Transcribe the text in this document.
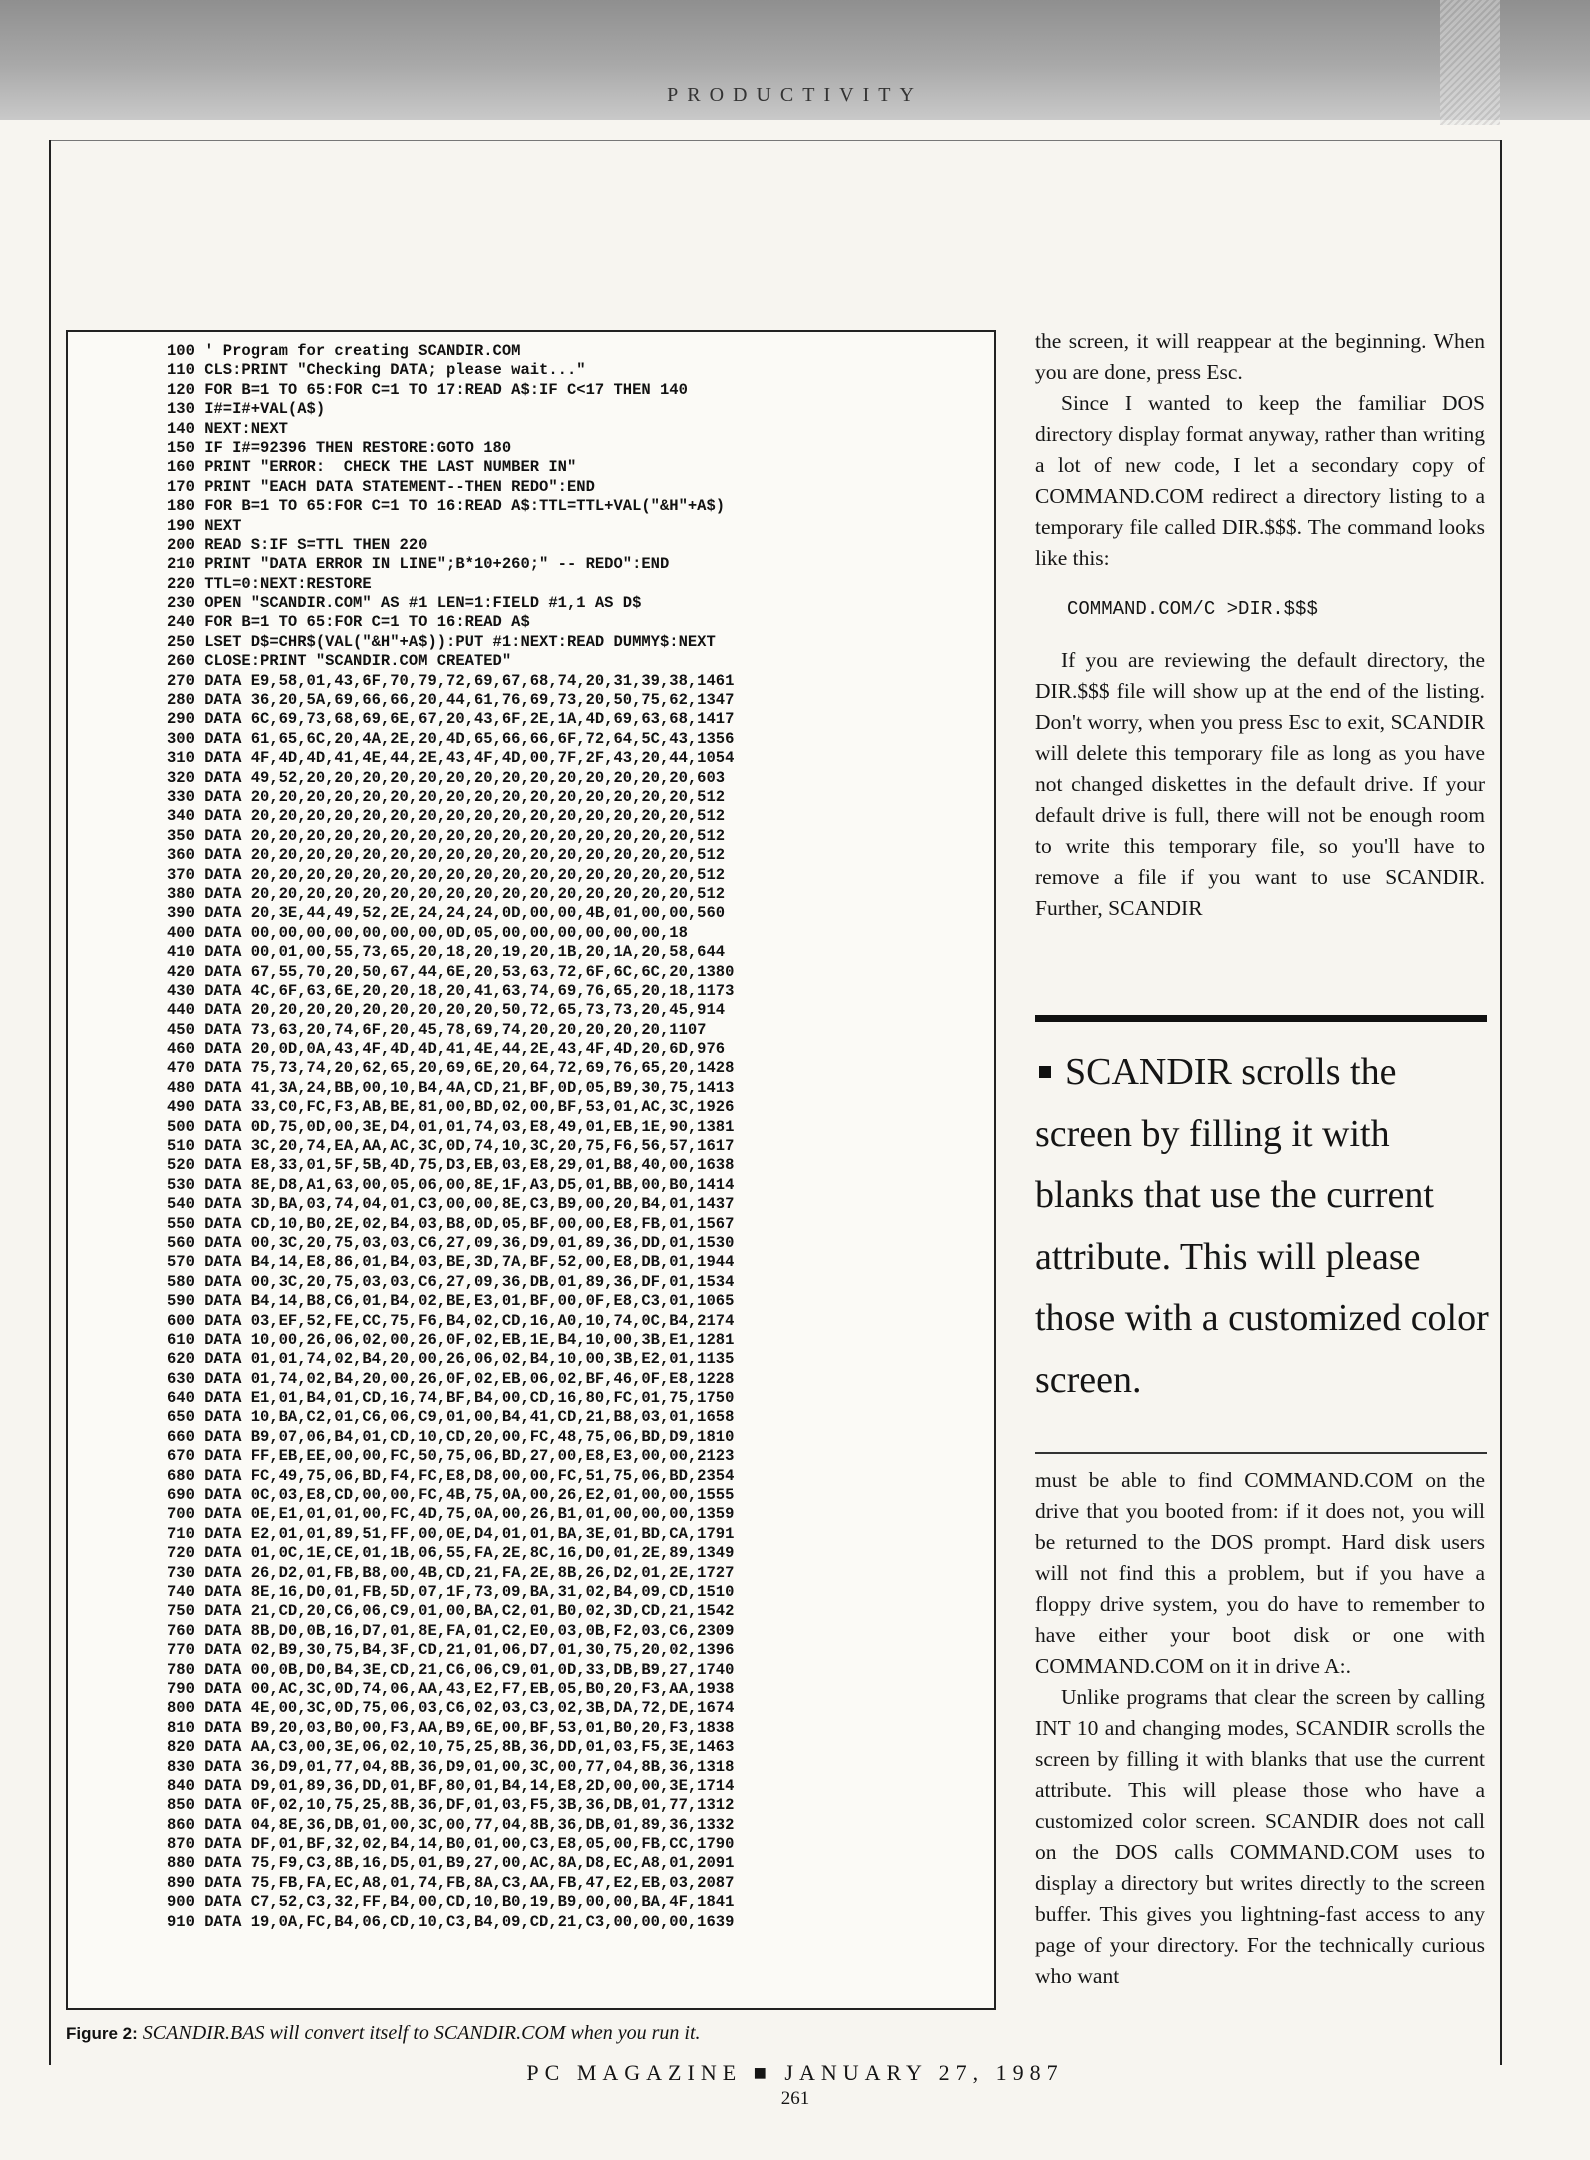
PRODUCTIVITY
100 ' Program for creating SCANDIR.COM
110 CLS:PRINT "Checking DATA; please wait..."
120 FOR B=1 TO 65:FOR C=1 TO 17:READ A$:IF C<17 THEN 140
130 I#=I#+VAL(A$)
140 NEXT:NEXT
150 IF I#=92396 THEN RESTORE:GOTO 180
160 PRINT "ERROR:  CHECK THE LAST NUMBER IN"
170 PRINT "EACH DATA STATEMENT--THEN REDO":END
180 FOR B=1 TO 65:FOR C=1 TO 16:READ A$:TTL=TTL+VAL("&H"+A$)
190 NEXT
200 READ S:IF S=TTL THEN 220
210 PRINT "DATA ERROR IN LINE";B*10+260;" -- REDO":END
220 TTL=0:NEXT:RESTORE
230 OPEN "SCANDIR.COM" AS #1 LEN=1:FIELD #1,1 AS D$
240 FOR B=1 TO 65:FOR C=1 TO 16:READ A$
250 LSET D$=CHR$(VAL("&H"+A$)):PUT #1:NEXT:READ DUMMY$:NEXT
260 CLOSE:PRINT "SCANDIR.COM CREATED"
270 DATA E9,58,01,43,6F,70,79,72,69,67,68,74,20,31,39,38,1461
280 DATA 36,20,5A,69,66,66,20,44,61,76,69,73,20,50,75,62,1347
290 DATA 6C,69,73,68,69,6E,67,20,43,6F,2E,1A,4D,69,63,68,1417
300 DATA 61,65,6C,20,4A,2E,20,4D,65,66,66,6F,72,64,5C,43,1356
310 DATA 4F,4D,4D,41,4E,44,2E,43,4F,4D,00,7F,2F,43,20,44,1054
320 DATA 49,52,20,20,20,20,20,20,20,20,20,20,20,20,20,20,603
330 DATA 20,20,20,20,20,20,20,20,20,20,20,20,20,20,20,20,512
340 DATA 20,20,20,20,20,20,20,20,20,20,20,20,20,20,20,20,512
350 DATA 20,20,20,20,20,20,20,20,20,20,20,20,20,20,20,20,512
360 DATA 20,20,20,20,20,20,20,20,20,20,20,20,20,20,20,20,512
370 DATA 20,20,20,20,20,20,20,20,20,20,20,20,20,20,20,20,512
380 DATA 20,20,20,20,20,20,20,20,20,20,20,20,20,20,20,20,512
390 DATA 20,3E,44,49,52,2E,24,24,24,0D,00,00,4B,01,00,00,560
400 DATA 00,00,00,00,00,00,00,0D,05,00,00,00,00,00,00,18
410 DATA 00,01,00,55,73,65,20,18,20,19,20,1B,20,1A,20,58,644
420 DATA 67,55,70,20,50,67,44,6E,20,53,63,72,6F,6C,6C,20,1380
430 DATA 4C,6F,63,6E,20,20,18,20,41,63,74,69,76,65,20,18,1173
440 DATA 20,20,20,20,20,20,20,20,20,50,72,65,73,73,20,45,914
450 DATA 73,63,20,74,6F,20,45,78,69,74,20,20,20,20,20,1107
460 DATA 20,0D,0A,43,4F,4D,4D,41,4E,44,2E,43,4F,4D,20,6D,976
470 DATA 75,73,74,20,62,65,20,69,6E,20,64,72,69,76,65,20,1428
480 DATA 41,3A,24,BB,00,10,B4,4A,CD,21,BF,0D,05,B9,30,75,1413
490 DATA 33,C0,FC,F3,AB,BE,81,00,BD,02,00,BF,53,01,AC,3C,1926
500 DATA 0D,75,0D,00,3E,D4,01,01,74,03,E8,49,01,EB,1E,90,1381
510 DATA 3C,20,74,EA,AA,AC,3C,0D,74,10,3C,20,75,F6,56,57,1617
520 DATA E8,33,01,5F,5B,4D,75,D3,EB,03,E8,29,01,B8,40,00,1638
530 DATA 8E,D8,A1,63,00,05,06,00,8E,1F,A3,D5,01,BB,00,B0,1414
540 DATA 3D,BA,03,74,04,01,C3,00,00,8E,C3,B9,00,20,B4,01,1437
550 DATA CD,10,B0,2E,02,B4,03,B8,0D,05,BF,00,00,E8,FB,01,1567
560 DATA 00,3C,20,75,03,03,C6,27,09,36,D9,01,89,36,DD,01,1530
570 DATA B4,14,E8,86,01,B4,03,BE,3D,7A,BF,52,00,E8,DB,01,1944
580 DATA 00,3C,20,75,03,03,C6,27,09,36,DB,01,89,36,DF,01,1534
590 DATA B4,14,B8,C6,01,B4,02,BE,E3,01,BF,00,0F,E8,C3,01,1065
600 DATA 03,EF,52,FE,CC,75,F6,B4,02,CD,16,A0,10,74,0C,B4,2174
610 DATA 10,00,26,06,02,00,26,0F,02,EB,1E,B4,10,00,3B,E1,1281
620 DATA 01,01,74,02,B4,20,00,26,06,02,B4,10,00,3B,E2,01,1135
630 DATA 01,74,02,B4,20,00,26,0F,02,EB,06,02,BF,46,0F,E8,1228
640 DATA E1,01,B4,01,CD,16,74,BF,B4,00,CD,16,80,FC,01,75,1750
650 DATA 10,BA,C2,01,C6,06,C9,01,00,B4,41,CD,21,B8,03,01,1658
660 DATA B9,07,06,B4,01,CD,10,CD,20,00,FC,48,75,06,BD,D9,1810
670 DATA FF,EB,EE,00,00,FC,50,75,06,BD,27,00,E8,E3,00,00,2123
680 DATA FC,49,75,06,BD,F4,FC,E8,D8,00,00,FC,51,75,06,BD,2354
690 DATA 0C,03,E8,CD,00,00,FC,4B,75,0A,00,26,E2,01,00,00,1555
700 DATA 0E,E1,01,01,00,FC,4D,75,0A,00,26,B1,01,00,00,00,1359
710 DATA E2,01,01,89,51,FF,00,0E,D4,01,01,BA,3E,01,BD,CA,1791
720 DATA 01,0C,1E,CE,01,1B,06,55,FA,2E,8C,16,D0,01,2E,89,1349
730 DATA 26,D2,01,FB,B8,00,4B,CD,21,FA,2E,8B,26,D2,01,2E,1727
740 DATA 8E,16,D0,01,FB,5D,07,1F,73,09,BA,31,02,B4,09,CD,1510
750 DATA 21,CD,20,C6,06,C9,01,00,BA,C2,01,B0,02,3D,CD,21,1542
760 DATA 8B,D0,0B,16,D7,01,8E,FA,01,C2,E0,03,0B,F2,03,C6,2309
770 DATA 02,B9,30,75,B4,3F,CD,21,01,06,D7,01,30,75,20,02,1396
780 DATA 00,0B,D0,B4,3E,CD,21,C6,06,C9,01,0D,33,DB,B9,27,1740
790 DATA 00,AC,3C,0D,74,06,AA,43,E2,F7,EB,05,B0,20,F3,AA,1938
800 DATA 4E,00,3C,0D,75,06,03,C6,02,03,C3,02,3B,DA,72,DE,1674
810 DATA B9,20,03,B0,00,F3,AA,B9,6E,00,BF,53,01,B0,20,F3,1838
820 DATA AA,C3,00,3E,06,02,10,75,25,8B,36,DD,01,03,F5,3E,1463
830 DATA 36,D9,01,77,04,8B,36,D9,01,00,3C,00,77,04,8B,36,1318
840 DATA D9,01,89,36,DD,01,BF,80,01,B4,14,E8,2D,00,00,3E,1714
850 DATA 0F,02,10,75,25,8B,36,DF,01,03,F5,3B,36,DB,01,77,1312
860 DATA 04,8E,36,DB,01,00,3C,00,77,04,8B,36,DB,01,89,36,1332
870 DATA DF,01,BF,32,02,B4,14,B0,01,00,C3,E8,05,00,FB,CC,1790
880 DATA 75,F9,C3,8B,16,D5,01,B9,27,00,AC,8A,D8,EC,A8,01,2091
890 DATA 75,FB,FA,EC,A8,01,74,FB,8A,C3,AA,FB,47,E2,EB,03,2087
900 DATA C7,52,C3,32,FF,B4,00,CD,10,B0,19,B9,00,00,BA,4F,1841
910 DATA 19,0A,FC,B4,06,CD,10,C3,B4,09,CD,21,C3,00,00,00,1639
Figure 2: SCANDIR.BAS will convert itself to SCANDIR.COM when you run it.

the screen, it will reappear at the beginning. When you are done, press Esc.

Since I wanted to keep the familiar DOS directory display format anyway, rather than writing a lot of new code, I let a secondary copy of COMMAND.COM redirect a directory listing to a temporary file called DIR.$$$. The command looks like this:

COMMAND.COM/C >DIR.$$$

If you are reviewing the default directory, the DIR.$$$ file will show up at the end of the listing. Don't worry, when you press Esc to exit, SCANDIR will delete this temporary file as long as you have not changed diskettes in the default drive. If your default drive is full, there will not be enough room to write this temporary file, so you'll have to remove a file if you want to use SCANDIR. Further, SCANDIR

SCANDIR scrolls the screen by filling it with blanks that use the current attribute. This will please those with a customized color screen.

must be able to find COMMAND.COM on the drive that you booted from: if it does not, you will be returned to the DOS prompt. Hard disk users will not find this a problem, but if you have a floppy drive system, you do have to remember to have either your boot disk or one with COMMAND.COM on it in drive A:.

Unlike programs that clear the screen by calling INT 10 and changing modes, SCANDIR scrolls the screen by filling it with blanks that use the current attribute. This will please those who have a customized color screen. SCANDIR does not call on the DOS calls COMMAND.COM uses to display a directory but writes directly to the screen buffer. This gives you lightning-fast access to any page of your directory. For the technically curious who want

PC MAGAZINE ■ JANUARY 27, 1987
261
